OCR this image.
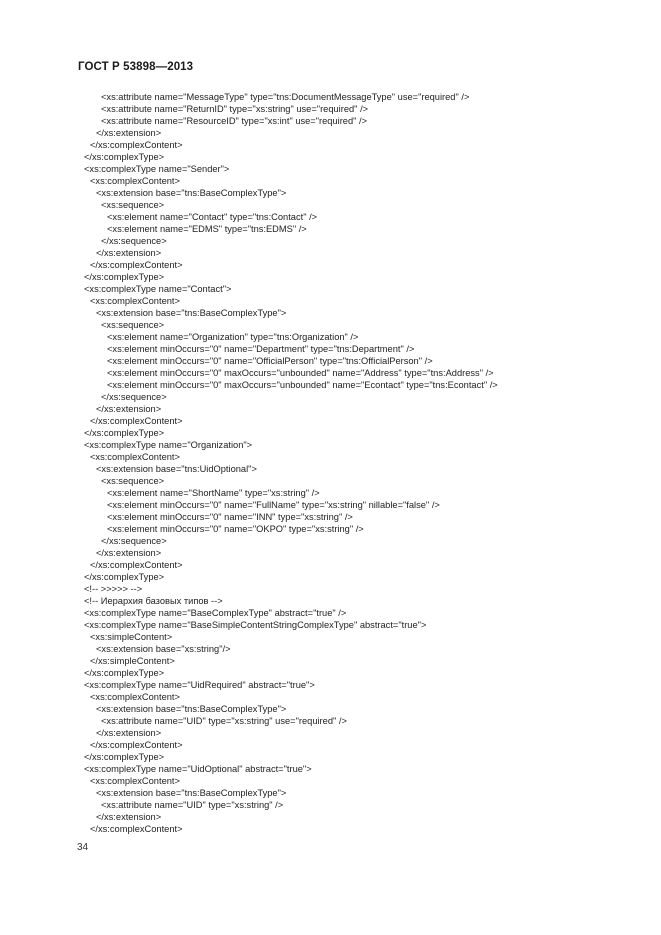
ГОСТ Р 53898—2013
<xs:attribute name="MessageType" type="tns:DocumentMessageType" use="required" />
<xs:attribute name="ReturnID" type="xs:string" use="required" />
<xs:attribute name="ResourceID" type="xs:int" use="required" />
</xs:extension>
</xs:complexContent>
</xs:complexType>
<xs:complexType name="Sender">
<xs:complexContent>
<xs:extension base="tns:BaseComplexType">
<xs:sequence>
<xs:element name="Contact" type="tns:Contact" />
<xs:element name="EDMS" type="tns:EDMS" />
</xs:sequence>
</xs:extension>
</xs:complexContent>
</xs:complexType>
<xs:complexType name="Contact">
<xs:complexContent>
<xs:extension base="tns:BaseComplexType">
<xs:sequence>
<xs:element name="Organization" type="tns:Organization" />
<xs:element minOccurs="0" name="Department" type="tns:Department" />
<xs:element minOccurs="0" name="OfficialPerson" type="tns:OfficialPerson" />
<xs:element minOccurs="0" maxOccurs="unbounded" name="Address" type="tns:Address" />
<xs:element minOccurs="0" maxOccurs="unbounded" name="Econtact" type="tns:Econtact" />
</xs:sequence>
</xs:extension>
</xs:complexContent>
</xs:complexType>
<xs:complexType name="Organization">
<xs:complexContent>
<xs:extension base="tns:UidOptional">
<xs:sequence>
<xs:element name="ShortName" type="xs:string" />
<xs:element minOccurs="0" name="FullName" type="xs:string" nillable="false" />
<xs:element minOccurs="0" name="INN" type="xs:string" />
<xs:element minOccurs="0" name="OKPO" type="xs:string" />
</xs:sequence>
</xs:extension>
</xs:complexContent>
</xs:complexType>
<!-- >>>>> -->
<!-- Иерархия базовых типов -->
<xs:complexType name="BaseComplexType" abstract="true" />
<xs:complexType name="BaseSimpleContentStringComplexType" abstract="true">
<xs:simpleContent>
<xs:extension base="xs:string"/>
</xs:simpleContent>
</xs:complexType>
<xs:complexType name="UidRequired" abstract="true">
<xs:complexContent>
<xs:extension base="tns:BaseComplexType">
<xs:attribute name="UID" type="xs:string" use="required" />
</xs:extension>
</xs:complexContent>
</xs:complexType>
<xs:complexType name="UidOptional" abstract="true">
<xs:complexContent>
<xs:extension base="tns:BaseComplexType">
<xs:attribute name="UID" type="xs:string" />
</xs:extension>
</xs:complexContent>
34
